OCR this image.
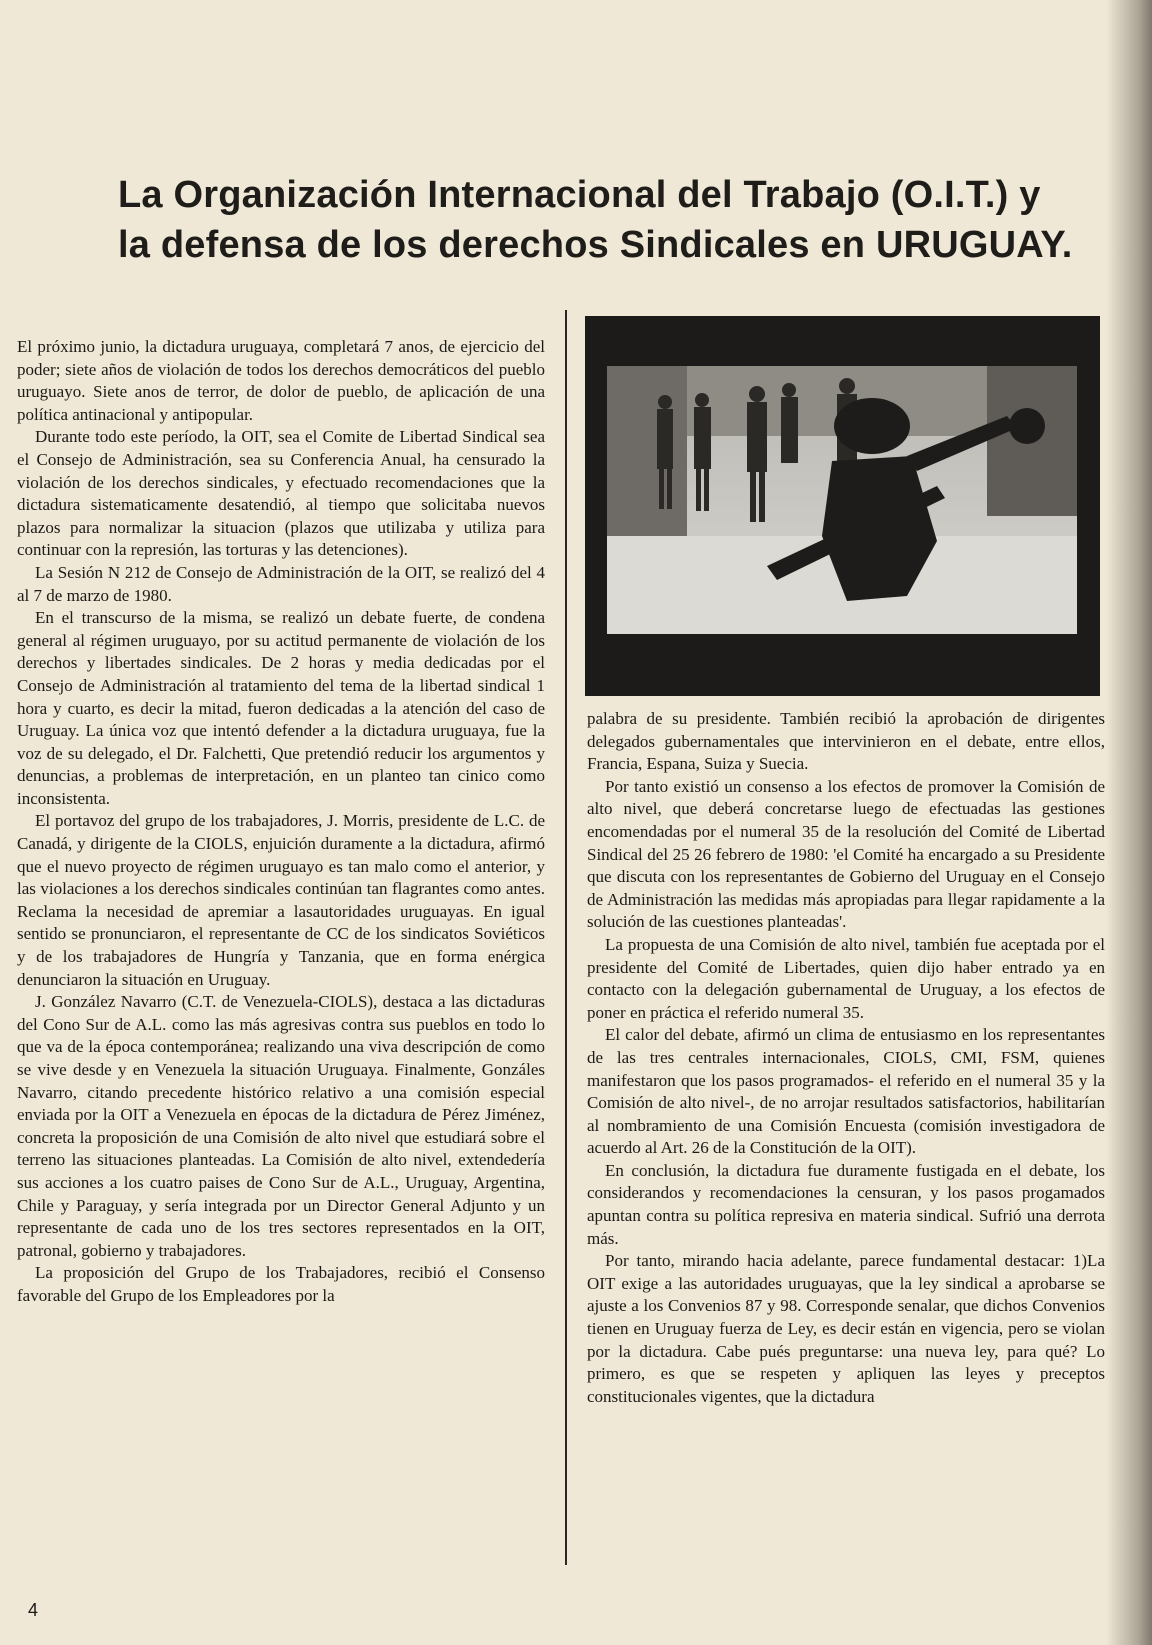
La Organización Internacional del Trabajo (O.I.T.) y
la defensa de los derechos Sindicales en URUGUAY.

El próximo junio, la dictadura uruguaya, completará 7 anos, de ejercicio del poder; siete años de violación de todos los derechos democráticos del pueblo uruguayo. Siete anos de terror, de dolor de pueblo, de aplicación de una política antinacional y antipopular.

Durante todo este período, la OIT, sea el Comite de Libertad Sindical sea el Consejo de Administración, sea su Conferencia Anual, ha censurado la violación de los derechos sindicales, y efectuado recomendaciones que la dictadura sistematicamente desatendió, al tiempo que solicitaba nuevos plazos para normalizar la situacion (plazos que utilizaba y utiliza para continuar con la represión, las torturas y las detenciones).

La Sesión N 212 de Consejo de Administración de la OIT, se realizó del 4 al 7 de marzo de 1980.

En el transcurso de la misma, se realizó un debate fuerte, de condena general al régimen uruguayo, por su actitud permanente de violación de los derechos y libertades sindicales. De 2 horas y media dedicadas por el Consejo de Administración al tratamiento del tema de la libertad sindical 1 hora y cuarto, es decir la mitad, fueron dedicadas a la atención del caso de Uruguay. La única voz que intentó defender a la dictadura uruguaya, fue la voz de su delegado, el Dr. Falchetti, Que pretendió reducir los argumentos y denuncias, a problemas de interpretación, en un planteo tan cinico como inconsistenta.

El portavoz del grupo de los trabajadores, J. Morris, presidente de L.C. de Canadá, y dirigente de la CIOLS, enjuición duramente a la dictadura, afirmó que el nuevo proyecto de régimen uruguayo es tan malo como el anterior, y las violaciones a los derechos sindicales continúan tan flagrantes como antes. Reclama la necesidad de apremiar a lasautoridades uruguayas. En igual sentido se pronunciaron, el representante de CC de los sindicatos Soviéticos y de los trabajadores de Hungría y Tanzania, que en forma enérgica denunciaron la situación en Uruguay.

J. González Navarro (C.T. de Venezuela-CIOLS), destaca a las dictaduras del Cono Sur de A.L. como las más agresivas contra sus pueblos en todo lo que va de la época contemporánea; realizando una viva descripción de como se vive desde y en Venezuela la situación Uruguaya. Finalmente, Gonzáles Navarro, citando precedente histórico relativo a una comisión especial enviada por la OIT a Venezuela en épocas de la dictadura de Pérez Jiménez, concreta la proposición de una Comisión de alto nivel que estudiará sobre el terreno las situaciones planteadas. La Comisión de alto nivel, extendedería sus acciones a los cuatro paises de Cono Sur de A.L., Uruguay, Argentina, Chile y Paraguay, y sería integrada por un Director General Adjunto y un representante de cada uno de los tres sectores representados en la OIT, patronal, gobierno y trabajadores.

La proposición del Grupo de los Trabajadores, recibió el Consenso favorable del Grupo de los Empleadores por la

palabra de su presidente. También recibió la aprobación de dirigentes delegados gubernamentales que intervinieron en el debate, entre ellos, Francia, Espana, Suiza y Suecia.

Por tanto existió un consenso a los efectos de promover la Comisión de alto nivel, que deberá concretarse luego de efectuadas las gestiones encomendadas por el numeral 35 de la resolución del Comité de Libertad Sindical del 25 26 febrero de 1980: 'el Comité ha encargado a su Presidente que discuta con los representantes de Gobierno del Uruguay en el Consejo de Administración las medidas más apropiadas para llegar rapidamente a la solución de las cuestiones planteadas'.

La propuesta de una Comisión de alto nivel, también fue aceptada por el presidente del Comité de Libertades, quien dijo haber entrado ya en contacto con la delegación gubernamental de Uruguay, a los efectos de poner en práctica el referido numeral 35.

El calor del debate, afirmó un clima de entusiasmo en los representantes de las tres centrales internacionales, CIOLS, CMI, FSM, quienes manifestaron que los pasos programados- el referido en el numeral 35 y la Comisión de alto nivel-, de no arrojar resultados satisfactorios, habilitarían al nombramiento de una Comisión Encuesta (comisión investigadora de acuerdo al Art. 26 de la Constitución de la OIT).

En conclusión, la dictadura fue duramente fustigada en el debate, los considerandos y recomendaciones la censuran, y los pasos progamados apuntan contra su política represiva en materia sindical. Sufrió una derrota más.

Por tanto, mirando hacia adelante, parece fundamental destacar: 1)La OIT exige a las autoridades uruguayas, que la ley sindical a aprobarse se ajuste a los Convenios 87 y 98. Corresponde senalar, que dichos Convenios tienen en Uruguay fuerza de Ley, es decir están en vigencia, pero se violan por la dictadura. Cabe pués preguntarse: una nueva ley, para qué? Lo primero, es que se respeten y apliquen las leyes y preceptos constitucionales vigentes, que la dictadura

4
